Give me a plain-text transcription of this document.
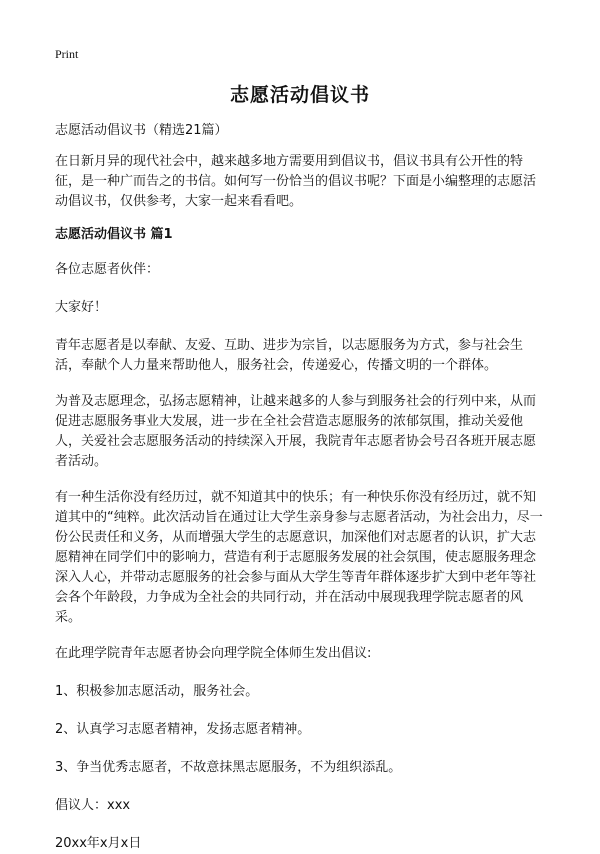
Print
志愿活动倡议书

志愿活动倡议书（精选21篇）

在日新月异的现代社会中，越来越多地方需要用到倡议书，倡议书具有公开性的特征，是一种广而告之的书信。如何写一份恰当的倡议书呢？下面是小编整理的志愿活动倡议书，仅供参考，大家一起来看看吧。

志愿活动倡议书 篇1

各位志愿者伙伴：

大家好！

青年志愿者是以奉献、友爱、互助、进步为宗旨，以志愿服务为方式，参与社会生活，奉献个人力量来帮助他人，服务社会，传递爱心，传播文明的一个群体。

为普及志愿理念，弘扬志愿精神，让越来越多的人参与到服务社会的行列中来，从而促进志愿服务事业大发展，进一步在全社会营造志愿服务的浓郁氛围，推动关爱他人，关爱社会志愿服务活动的持续深入开展，我院青年志愿者协会号召各班开展志愿者活动。

有一种生活你没有经历过，就不知道其中的快乐；有一种快乐你没有经历过，就不知道其中的“纯粹。此次活动旨在通过让大学生亲身参与志愿者活动，为社会出力，尽一份公民责任和义务，从而增强大学生的志愿意识，加深他们对志愿者的认识，扩大志愿精神在同学们中的影响力，营造有利于志愿服务发展的社会氛围，使志愿服务理念深入人心，并带动志愿服务的社会参与面从大学生等青年群体逐步扩大到中老年等社会各个年龄段，力争成为全社会的共同行动，并在活动中展现我理学院志愿者的风采。

在此理学院青年志愿者协会向理学院全体师生发出倡议:

1、积极参加志愿活动，服务社会。

2、认真学习志愿者精神，发扬志愿者精神。

3、争当优秀志愿者，不故意抹黑志愿服务，不为组织添乱。

倡议人：xxx

20xx年x月x日
